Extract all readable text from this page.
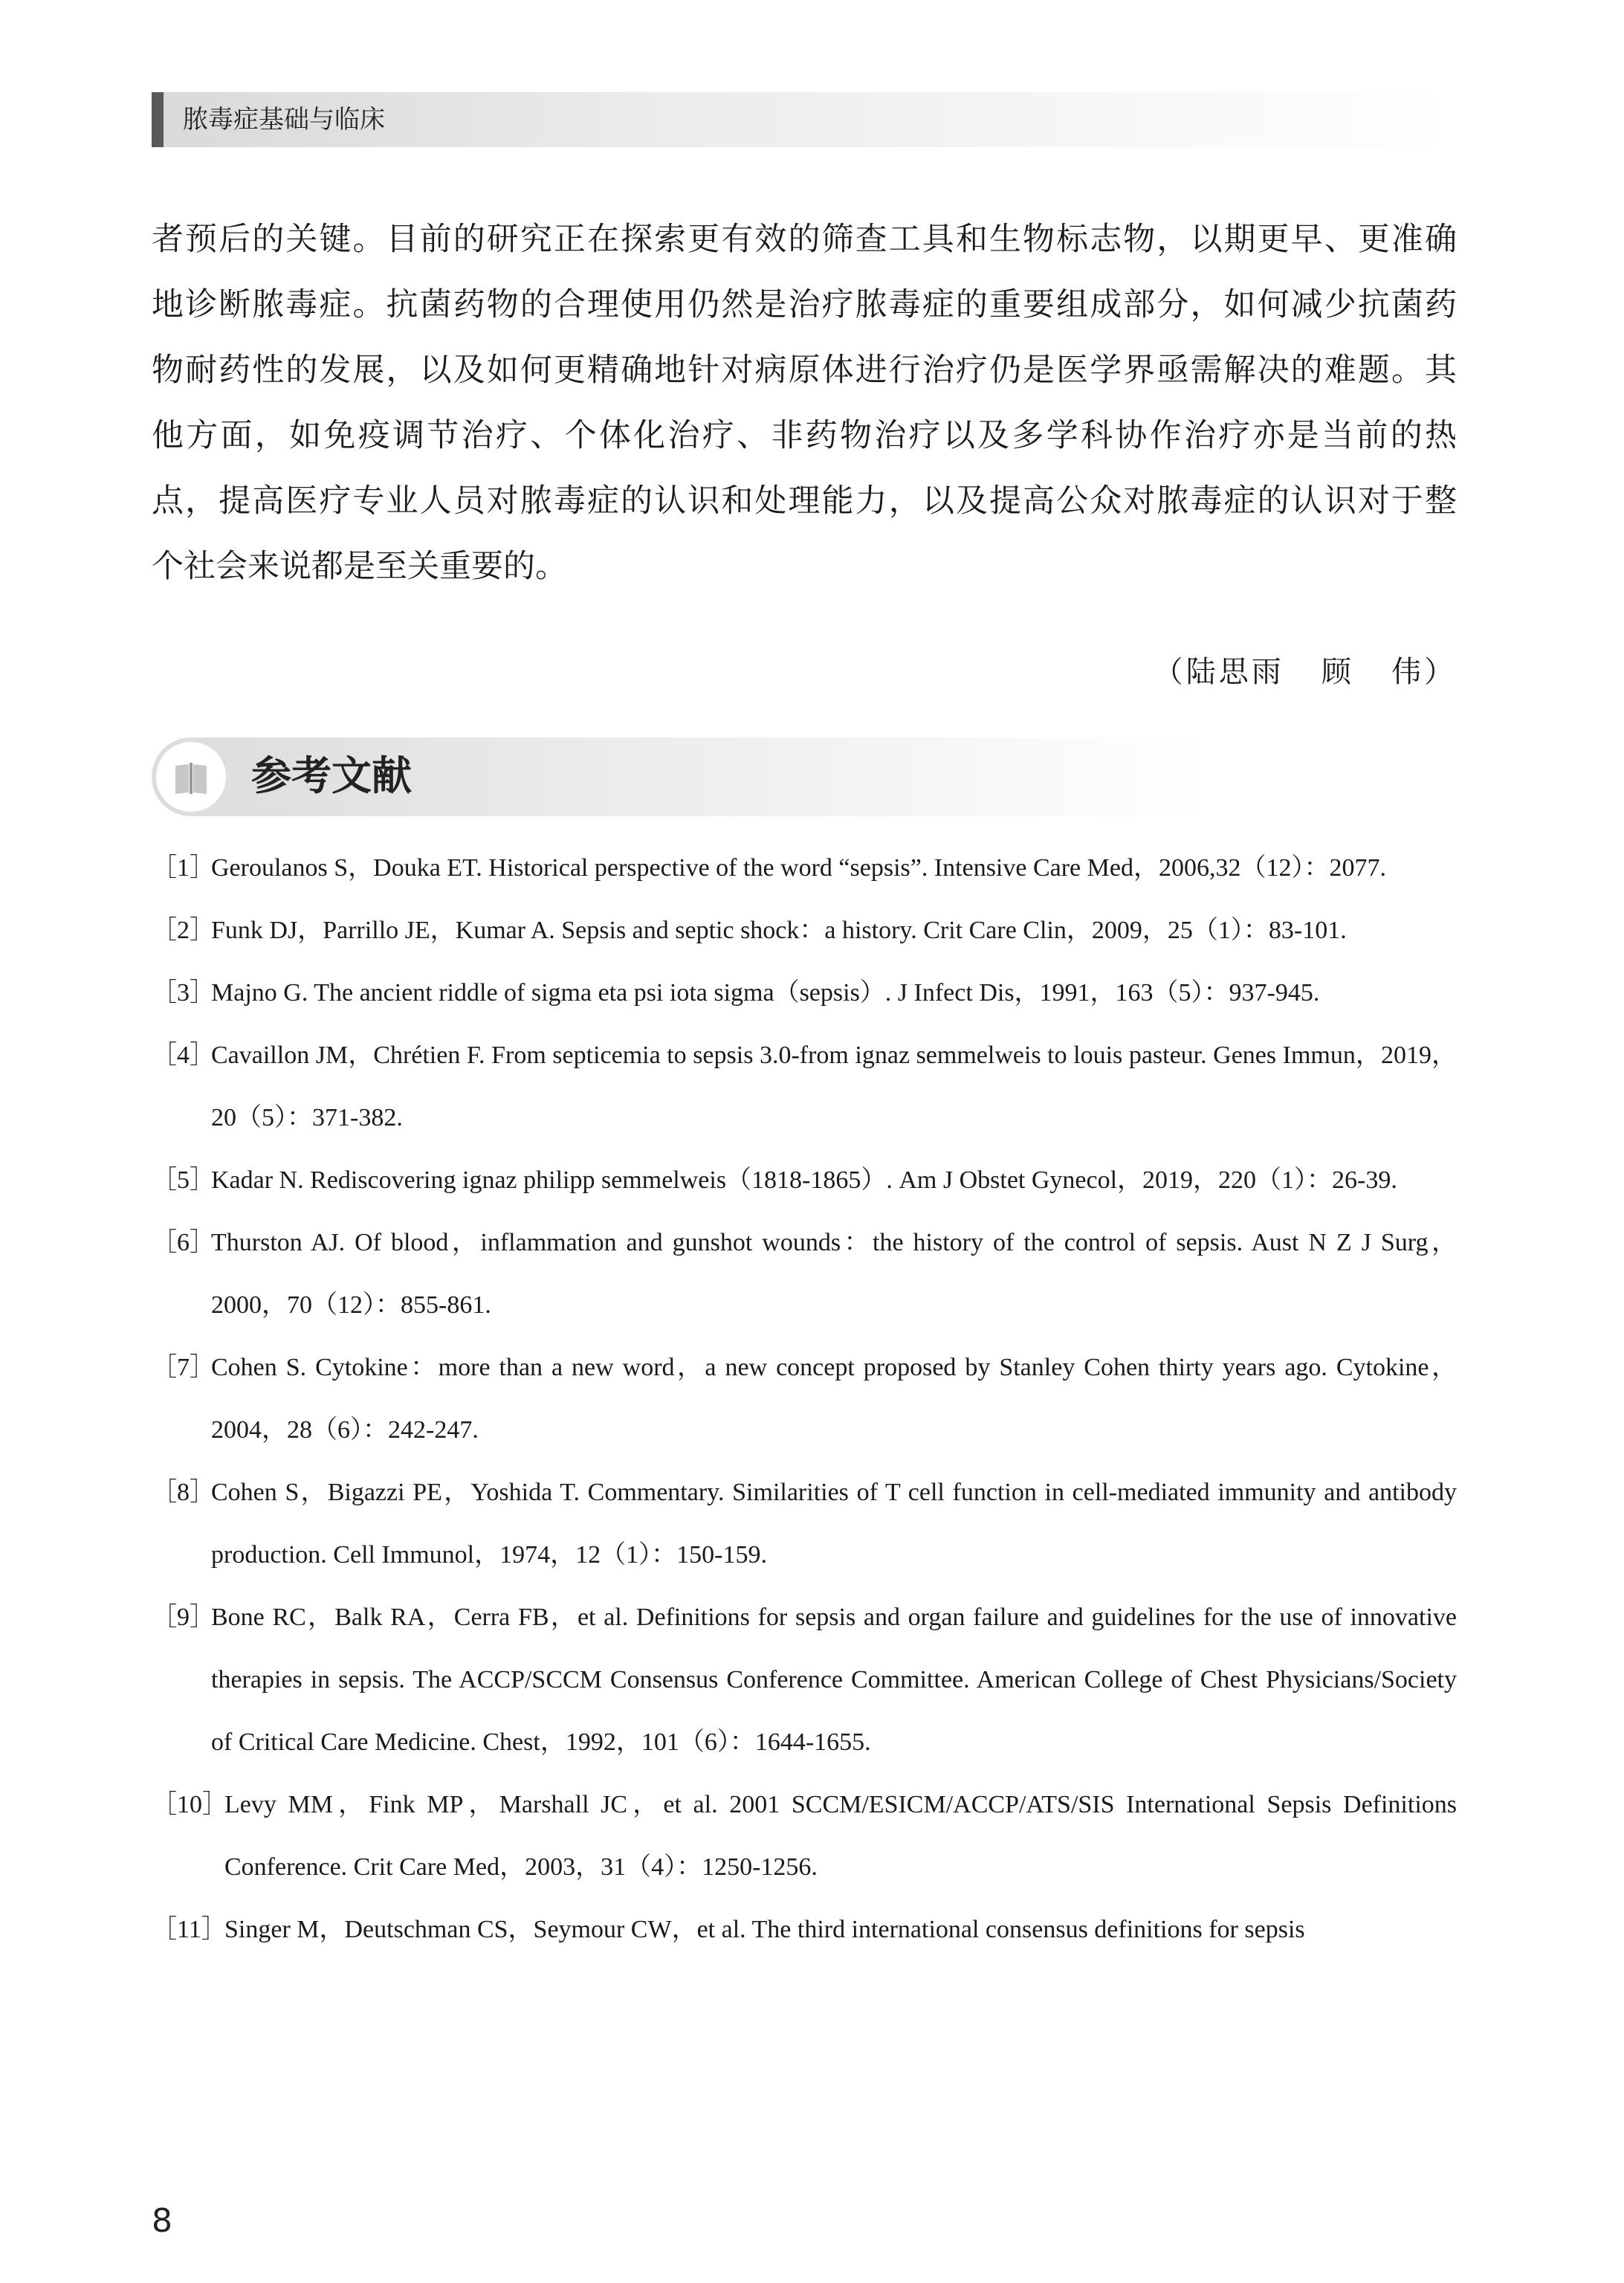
脓毒症基础与临床
者预后的关键。目前的研究正在探索更有效的筛查工具和生物标志物，以期更早、更准确
地诊断脓毒症。抗菌药物的合理使用仍然是治疗脓毒症的重要组成部分，如何减少抗菌药
物耐药性的发展，以及如何更精确地针对病原体进行治疗仍是医学界亟需解决的难题。其
他方面，如免疫调节治疗、个体化治疗、非药物治疗以及多学科协作治疗亦是当前的热
点，提高医疗专业人员对脓毒症的认识和处理能力，以及提高公众对脓毒症的认识对于整
个社会来说都是至关重要的。
（陆思雨   顾   伟）
参考文献
［1］
Geroulanos S，Douka ET. Historical perspective of the word “sepsis”. Intensive Care Med，2006,32（12）：2077.
［2］
Funk DJ，Parrillo JE，Kumar A. Sepsis and septic shock：a history. Crit Care Clin，2009，25（1）：83-101.
［3］
Majno G. The ancient riddle of sigma eta psi iota sigma（sepsis）. J Infect Dis，1991，163（5）：937-945.
［4］
Cavaillon JM，Chrétien F. From septicemia to sepsis 3.0-from ignaz semmelweis to louis pasteur. Genes Immun，2019，20（5）：371-382.
［5］
Kadar N. Rediscovering ignaz philipp semmelweis（1818-1865）. Am J Obstet Gynecol，2019，220（1）：26-39.
［6］
Thurston AJ. Of blood，inflammation and gunshot wounds：the history of the control of sepsis. Aust N Z J Surg，2000，70（12）：855-861.
［7］
Cohen S. Cytokine：more than a new word，a new concept proposed by Stanley Cohen thirty years ago. Cytokine，2004，28（6）：242-247.
［8］
Cohen S，Bigazzi PE，Yoshida T. Commentary. Similarities of T cell function in cell-mediated immunity and antibody production. Cell Immunol，1974，12（1）：150-159.
［9］
Bone RC，Balk RA，Cerra FB，et al. Definitions for sepsis and organ failure and guidelines for the use of innovative therapies in sepsis. The ACCP/SCCM Consensus Conference Committee. American College of Chest Physicians/Society of Critical Care Medicine. Chest，1992，101（6）：1644-1655.
［10］
Levy MM，Fink MP，Marshall JC，et al. 2001 SCCM/ESICM/ACCP/ATS/SIS International Sepsis Definitions Conference. Crit Care Med，2003，31（4）：1250-1256.
［11］
Singer M，Deutschman CS，Seymour CW，et al. The third international consensus definitions for sepsis
8
